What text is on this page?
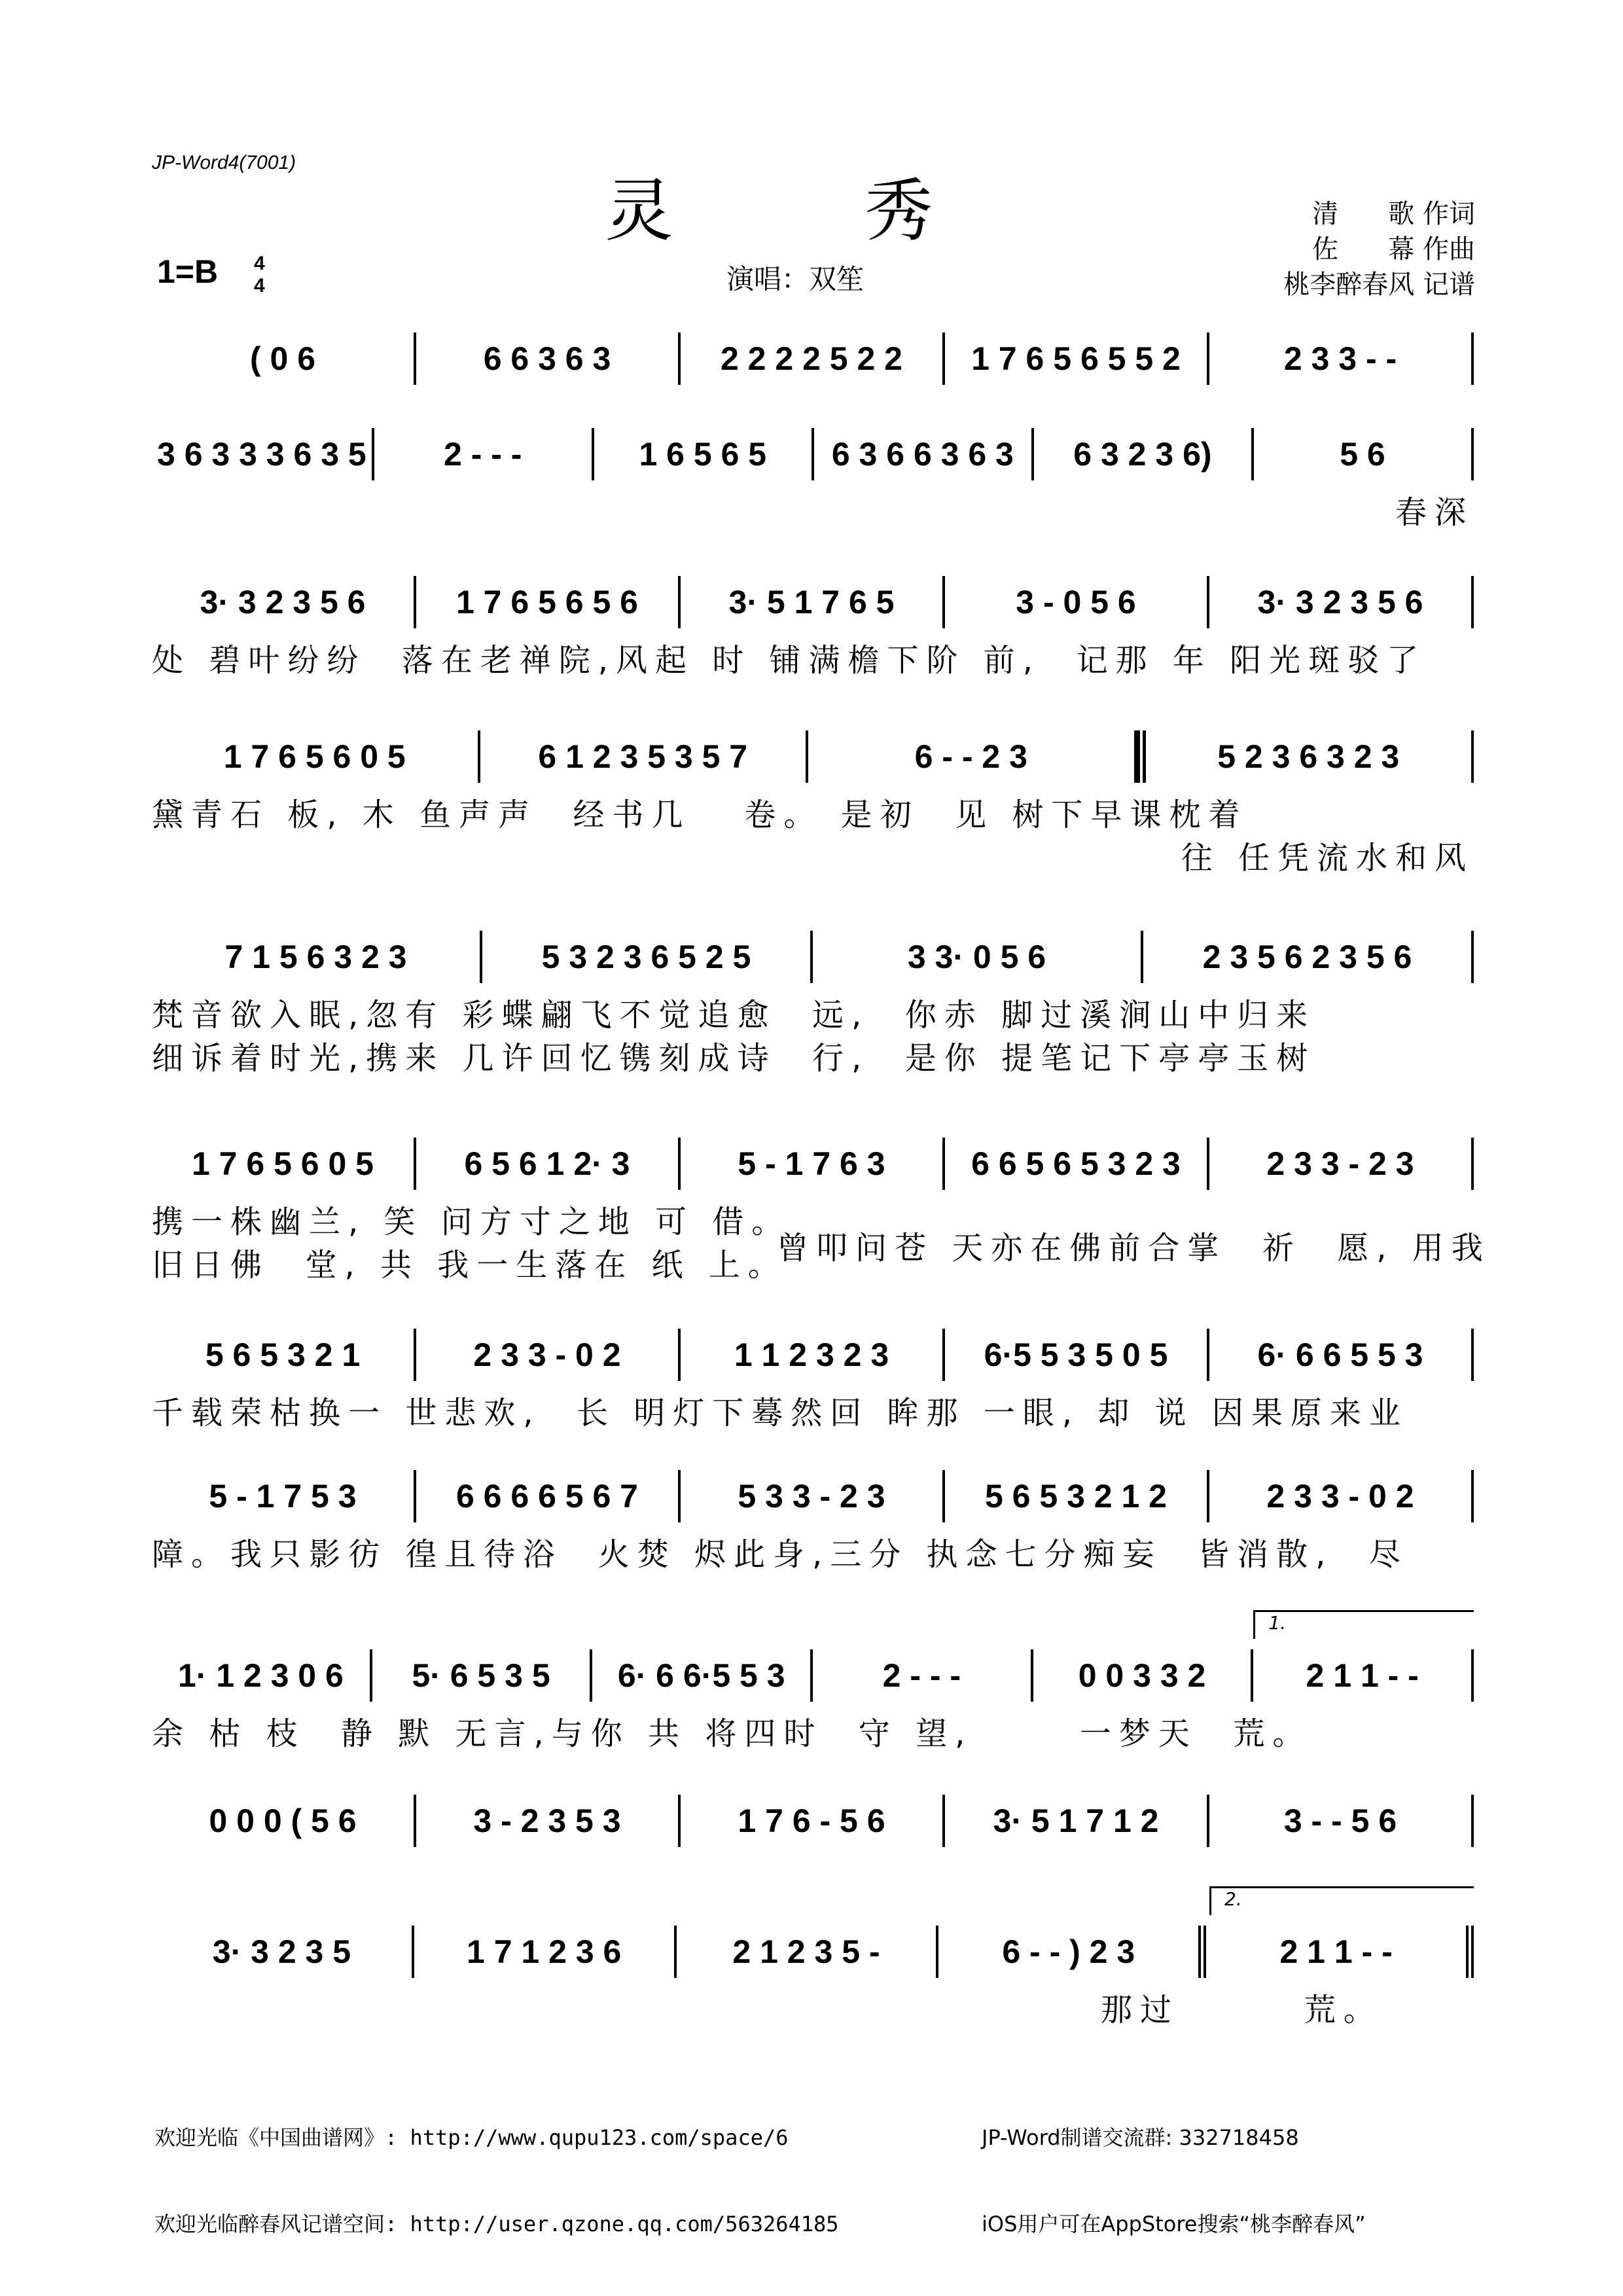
JP-Word4(7001)
灵 秀	清      歌 作词
佐      幕 作曲
桃李醉春风 记谱
1=B 4
4	演唱：双笙
( 0 6	6 6 3 6 3	2 2 2 2 5 2 2 1 7 6 5 6 5 5 2	2 3 3 - -
3 6 3 3 3 6 3 5 2 - - -	1 6 5 6 5 6 3 6 6 3 6 3 6 3 2 3 6)	5 6
春深
3· 3 2 3 5 6	1 7 6 5 6 5 6	3· 5 1 7 6 5	3 - 0 5 6	3· 3 2 3 5 6
处 碧叶纷纷  落在老禅院,风起 时 铺满檐下阶 前,  记那 年 阳光斑驳了
1 7 6 5 6 0 5	6 1 2 3 5 3 5 7	6 - - 2 3	5 2 3 6 3 2 3
黛青石 板, 木 鱼声声  经书几   卷。 是初  见 树下早课枕着
往 任凭流水和风
7 1 5 6 3 2 3	5 3 2 3 6 5 2 5	3 3· 0 5 6	2 3 5 6 2 3 5 6
梵音欲入眠,忽有 彩蝶翩飞不觉追愈  远,  你赤 脚过溪涧山中归来
细诉着时光,携来 几许回忆镌刻成诗  行,  是你 提笔记下亭亭玉树
1 7 6 5 6 0 5	6 5 6 1 2· 3	5 - 1 7 6 3	6 6 5 6 5 3 2 3	2 3 3 - 2 3
携一株幽兰, 笑 问方寸之地 可 借。
旧日佛  堂, 共 我一生落在 纸 上。
曾叩问苍 天亦在佛前合掌  祈  愿, 用我
5 6 5 3 2 1	2 3 3 - 0 2	1 1 2 3 2 3	6·5 5 3 5 0 5	6· 6 6 5 5 3
千载荣枯换一 世悲欢,  长 明灯下蓦然回 眸那 一眼, 却 说 因果原来业
5 - 1 7 5 3	6 6 6 6 5 6 7	5 3 3 - 2 3	5 6 5 3 2 1 2	2 3 3 - 0 2
障。我只影彷 徨且待浴  火焚 烬此身,三分 执念七分痴妄  皆消散,  尽
1· 1 2 3 0 6 5· 6 5 3 5 6· 6 6·5 5 3	2 - - -	0 0 3 3 2	2 1 1 - -
1.
余 枯 枝  静 默 无言,与你 共 将四时  守 望,      一梦天  荒。
0 0 0 ( 5 6	3 - 2 3 5 3	1 7 6 - 5 6	3· 5 1 7 1 2	3 - - 5 6
3· 3 2 3 5	1 7 1 2 3 6	2 1 2 3 5 -	6 - - ) 2 3	2 1 1 - -
2.
那过       荒。

欢迎光临《中国曲谱网》: http://www.qupu123.com/space/6

欢迎光临醉春风记谱空间: http://user.qzone.qq.com/563264185

JP-Word制谱交流群: 332718458

iOS用户可在AppStore搜索“桃李醉春风”
